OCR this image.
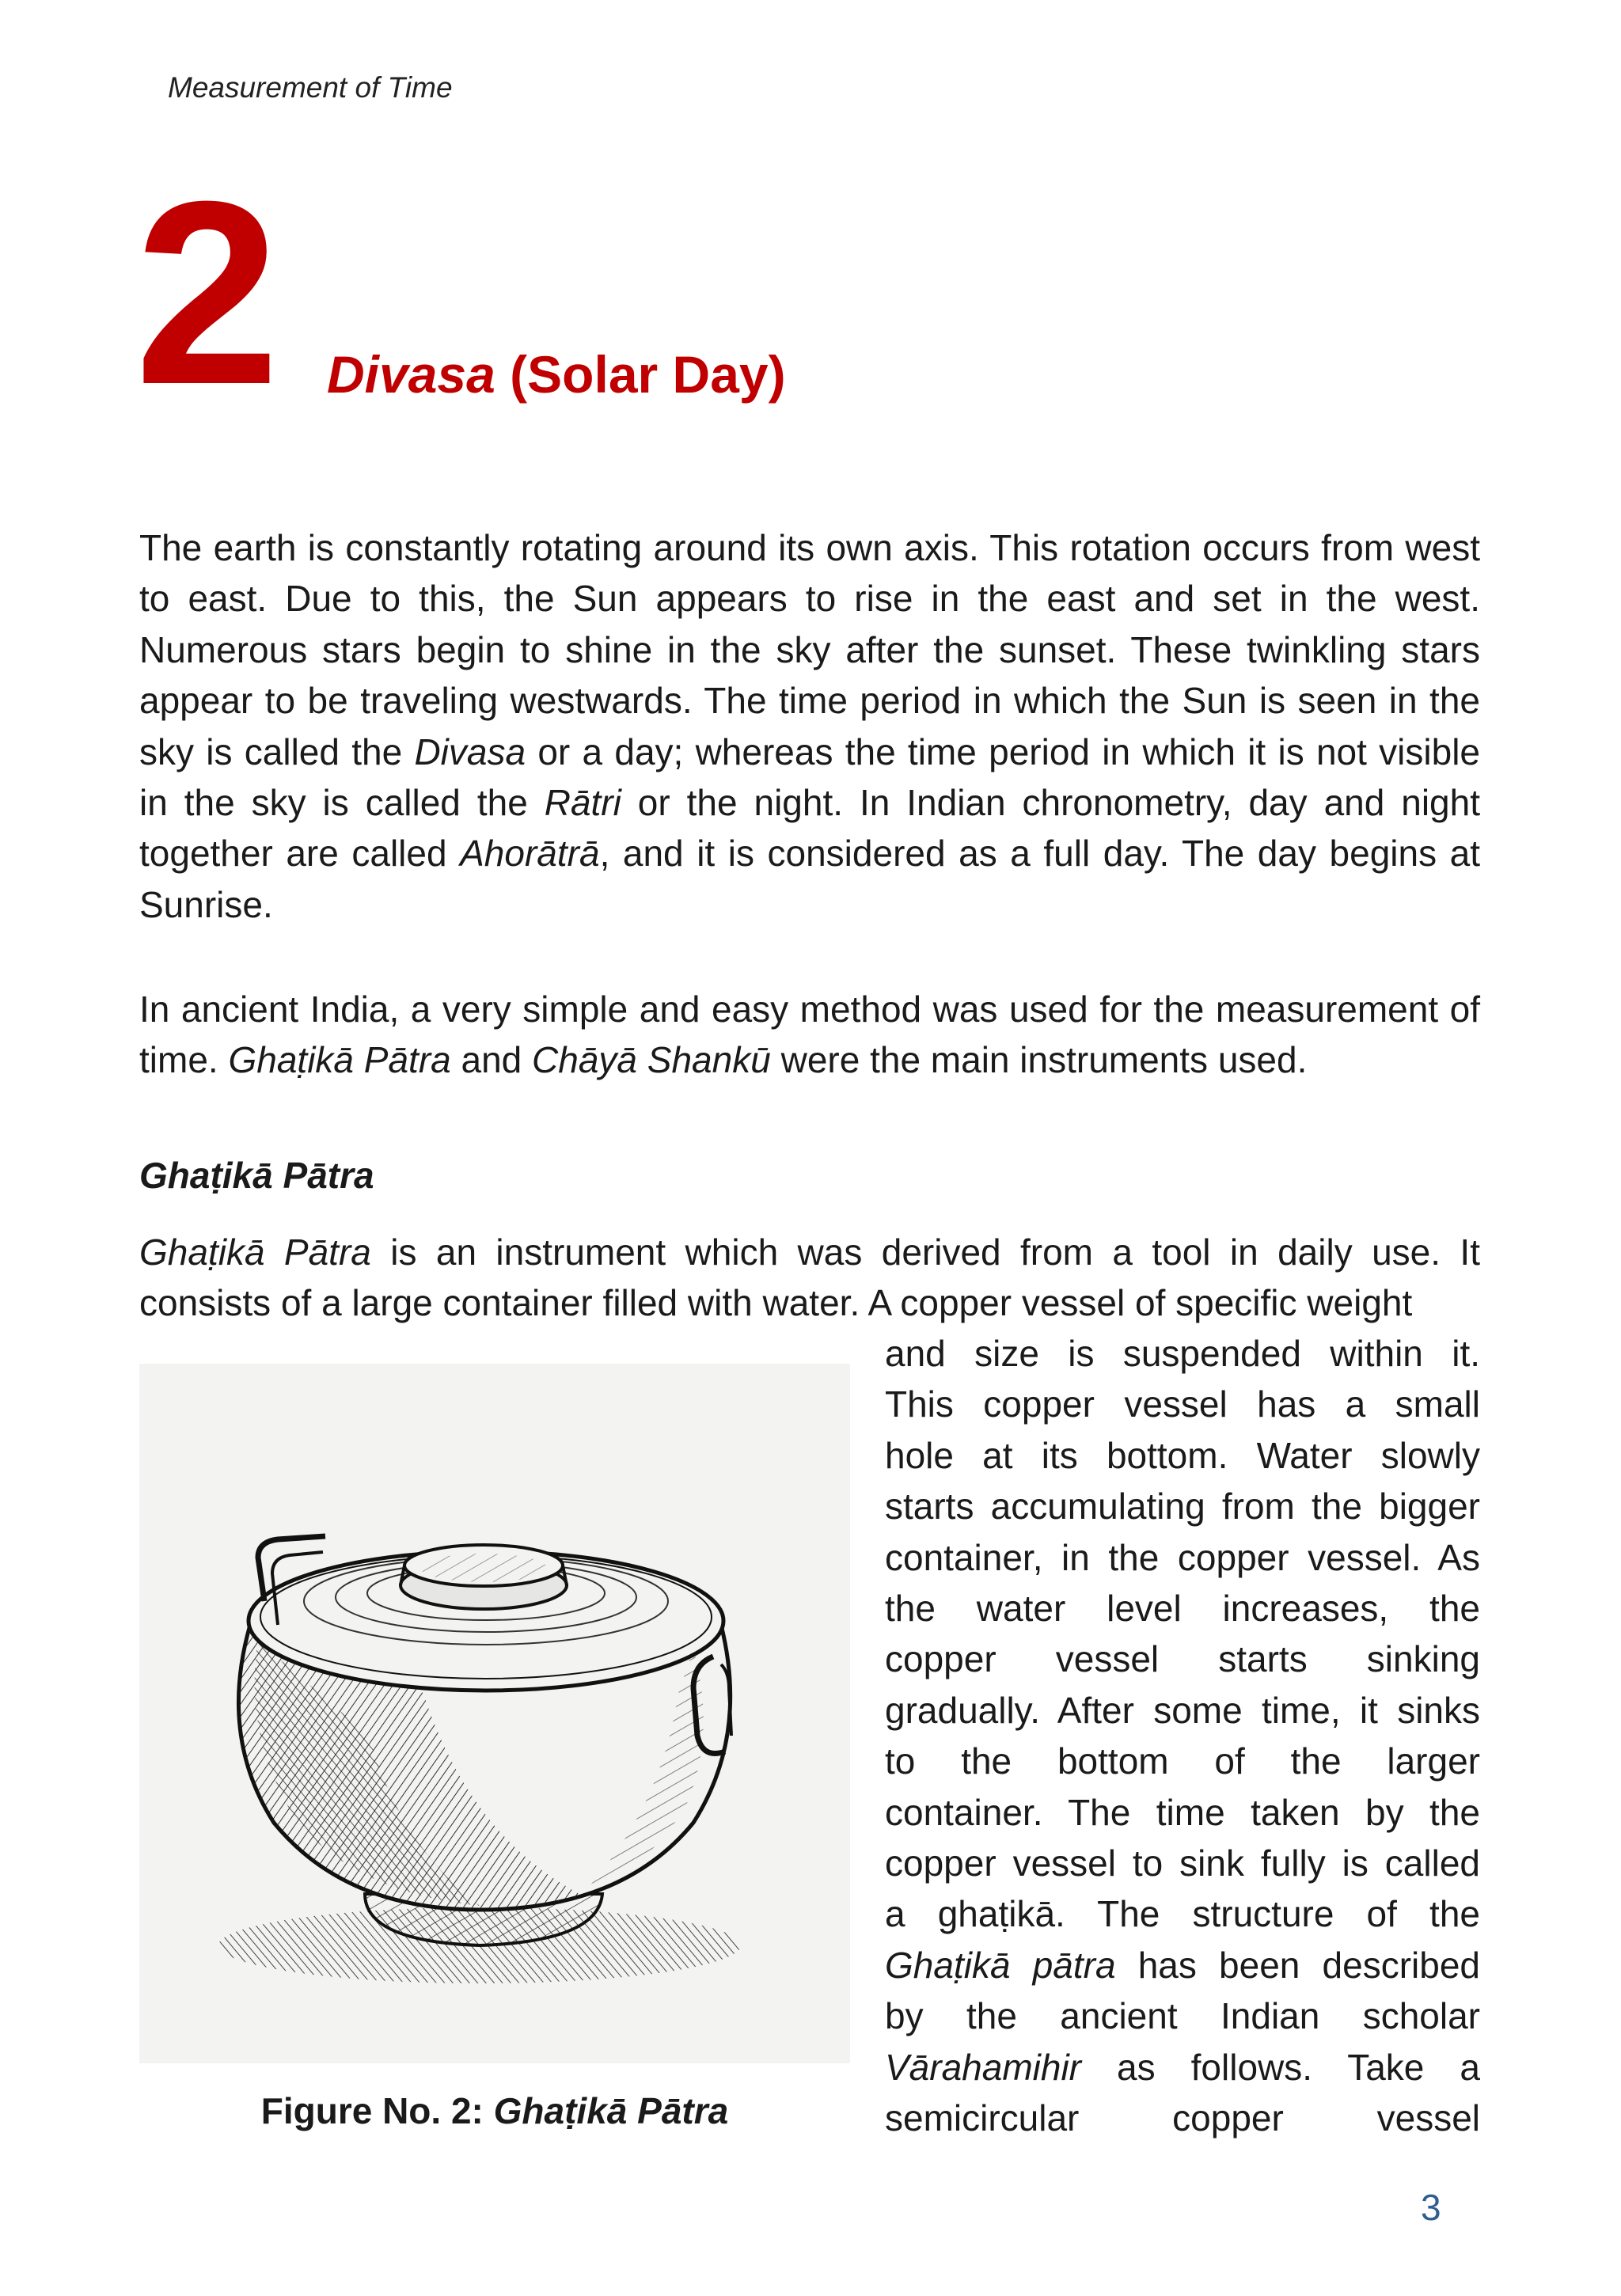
Measurement of Time
2 Divasa (Solar Day)

The earth is constantly rotating around its own axis. This rotation occurs from west to east. Due to this, the Sun appears to rise in the east and set in the west. Numerous stars begin to shine in the sky after the sunset. These twinkling stars appear to be traveling westwards. The time period in which the Sun is seen in the sky is called the Divasa or a day; whereas the time period in which it is not visible in the sky is called the Rātri or the night. In Indian chronometry, day and night together are called Ahorātrā, and it is considered as a full day. The day begins at Sunrise.

In ancient India, a very simple and easy method was used for the measurement of time. Ghaṭikā Pātra and Chāyā Shankū were the main instruments used.

Ghaṭikā Pātra

Ghaṭikā Pātra is an instrument which was derived from a tool in daily use. It consists of a large container filled with water. A copper vessel of specific weight

Figure No. 2: Ghaṭikā Pātra
and size is suspended within it.
This copper vessel has a small
hole at its bottom. Water slowly
starts accumulating from the bigger
container, in the copper vessel. As
the water level increases, the
copper vessel starts sinking
gradually. After some time, it sinks
to the bottom of the larger
container. The time taken by the
copper vessel to sink fully is called
a ghaṭikā. The structure of the
Ghaṭikā pātra has been described
by the ancient Indian scholar
Vārahamihir as follows. Take a
semicircular copper vessel
3
